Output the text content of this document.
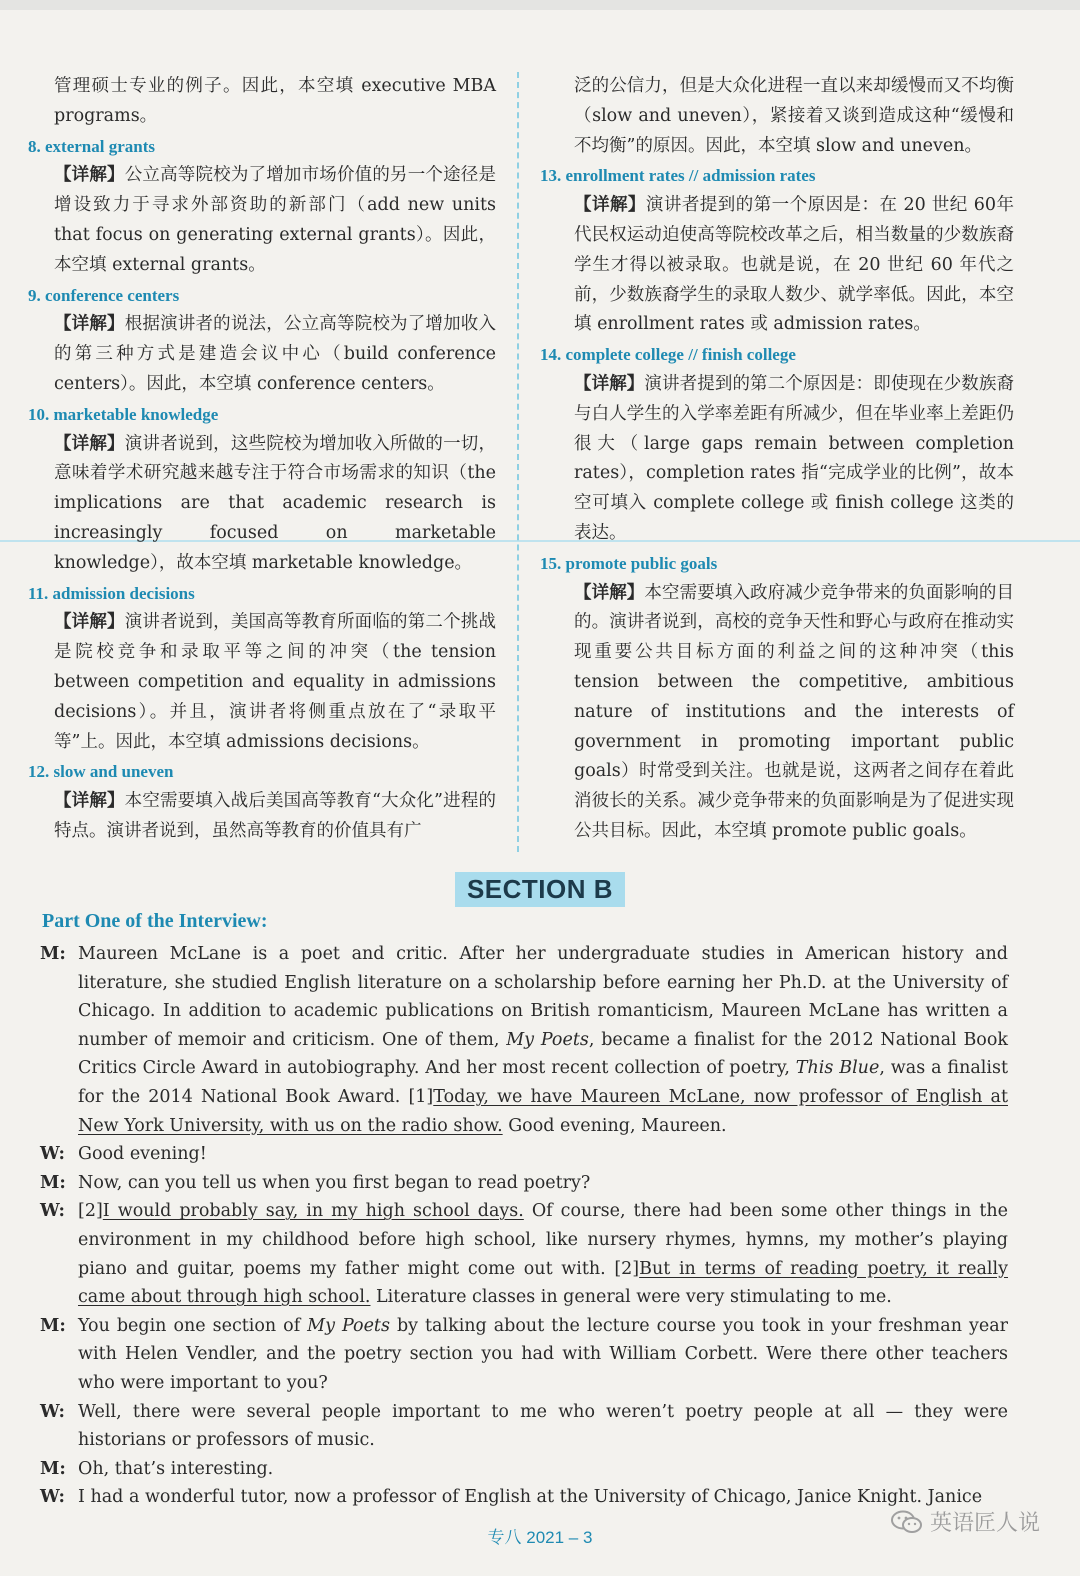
管理硕士专业的例子。因此，本空填 executive MBA programs。
8. external grants
【详解】公立高等院校为了增加市场价值的另一个途径是增设致力于寻求外部资助的新部门（add new units that focus on generating external grants）。因此，本空填 external grants。
9. conference centers
【详解】根据演讲者的说法，公立高等院校为了增加收入的第三种方式是建造会议中心（build conference centers）。因此，本空填 conference centers。
10. marketable knowledge
【详解】演讲者说到，这些院校为增加收入所做的一切，意味着学术研究越来越专注于符合市场需求的知识（the implications are that academic research is increasingly focused on marketable knowledge），故本空填 marketable knowledge。
11. admission decisions
【详解】演讲者说到，美国高等教育所面临的第二个挑战是院校竞争和录取平等之间的冲突（the tension between competition and equality in admissions decisions）。并且，演讲者将侧重点放在了“录取平等”上。因此，本空填 admissions decisions。
12. slow and uneven
【详解】本空需要填入战后美国高等教育“大众化”进程的特点。演讲者说到，虽然高等教育的价值具有广
泛的公信力，但是大众化进程一直以来却缓慢而又不均衡（slow and uneven），紧接着又谈到造成这种“缓慢和不均衡”的原因。因此，本空填 slow and uneven。
13. enrollment rates // admission rates
【详解】演讲者提到的第一个原因是：在 20 世纪 60年代民权运动迫使高等院校改革之后，相当数量的少数族裔学生才得以被录取。也就是说，在 20 世纪 60 年代之前，少数族裔学生的录取人数少、就学率低。因此，本空填 enrollment rates 或 admission rates。
14. complete college // finish college
【详解】演讲者提到的第二个原因是：即使现在少数族裔与白人学生的入学率差距有所减少，但在毕业率上差距仍很大（large gaps remain between completion rates），completion rates 指“完成学业的比例”，故本空可填入 complete college 或 finish college 这类的表达。
15. promote public goals
【详解】本空需要填入政府减少竞争带来的负面影响的目的。演讲者说到，高校的竞争天性和野心与政府在推动实现重要公共目标方面的利益之间的这种冲突（this tension between the competitive, ambitious nature of institutions and the interests of government in promoting important public goals）时常受到关注。也就是说，这两者之间存在着此消彼长的关系。减少竞争带来的负面影响是为了促进实现公共目标。因此，本空填 promote public goals。
SECTION B
Part One of the Interview:
M: Maureen McLane is a poet and critic. After her undergraduate studies in American history and literature, she studied English literature on a scholarship before earning her Ph.D. at the University of Chicago. In addition to academic publications on British romanticism, Maureen McLane has written a number of memoir and criticism. One of them, My Poets, became a finalist for the 2012 National Book Critics Circle Award in autobiography. And her most recent collection of poetry, This Blue, was a finalist for the 2014 National Book Award. [1]Today, we have Maureen McLane, now professor of English at New York University, with us on the radio show. Good evening, Maureen.
W: Good evening!
M: Now, can you tell us when you first began to read poetry?
W: [2]I would probably say, in my high school days. Of course, there had been some other things in the environment in my childhood before high school, like nursery rhymes, hymns, my mother’s playing piano and guitar, poems my father might come out with. [2]But in terms of reading poetry, it really came about through high school. Literature classes in general were very stimulating to me.
M: You begin one section of My Poets by talking about the lecture course you took in your freshman year with Helen Vendler, and the poetry section you had with William Corbett. Were there other teachers who were important to you?
W: Well, there were several people important to me who weren’t poetry people at all — they were historians or professors of music.
M: Oh, that’s interesting.
W: I had a wonderful tutor, now a professor of English at the University of Chicago, Janice Knight. Janice
专八 2021 – 3
英语匠人说
